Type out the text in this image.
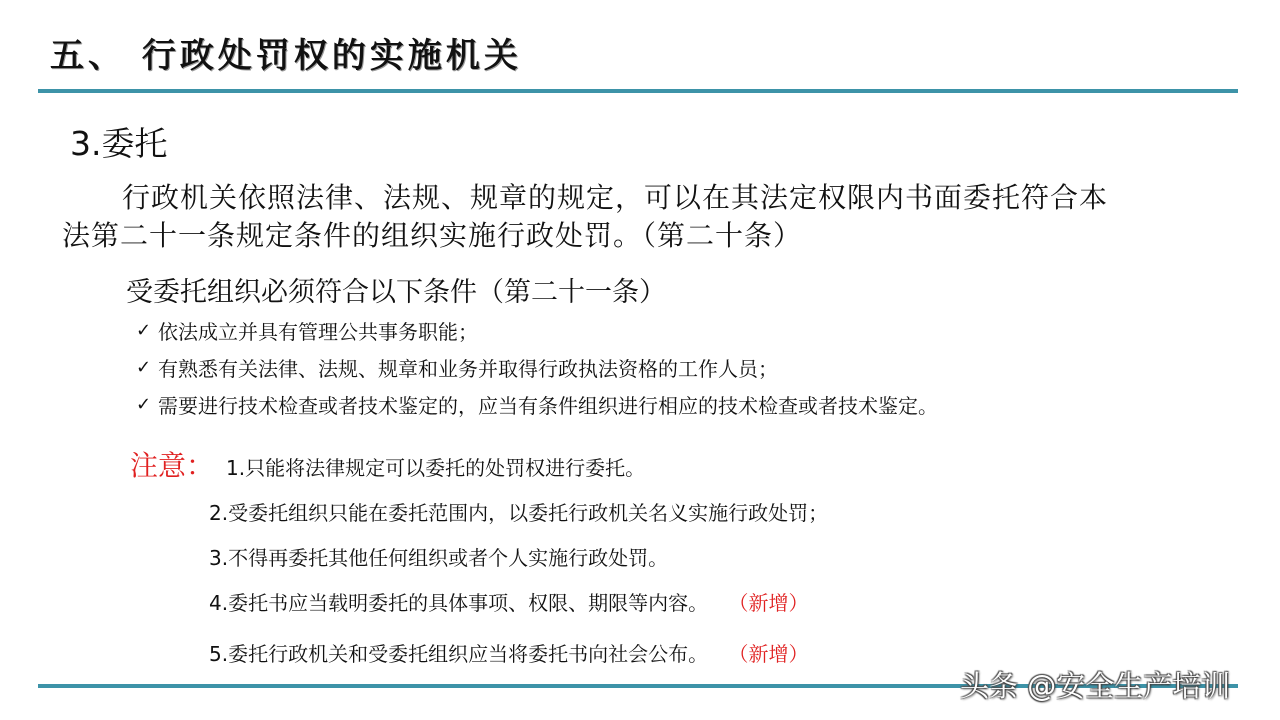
五、 行政处罚权的实施机关
3.委托
行政机关依照法律、法规、规章的规定，可以在其法定权限内书面委托符合本
法第二十一条规定条件的组织实施行政处罚。（第二十条）
受委托组织必须符合以下条件（第二十一条）
✓ 依法成立并具有管理公共事务职能；
✓ 有熟悉有关法律、法规、规章和业务并取得行政执法资格的工作人员；
✓ 需要进行技术检查或者技术鉴定的，应当有条件组织进行相应的技术检查或者技术鉴定。
注意： 1.只能将法律规定可以委托的处罚权进行委托。
2.受委托组织只能在委托范围内，以委托行政机关名义实施行政处罚；
3.不得再委托其他任何组织或者个人实施行政处罚。
4.委托书应当载明委托的具体事项、权限、期限等内容。 （新增）
5.委托行政机关和受委托组织应当将委托书向社会公布。 （新增）
头条 @安全生产培训
